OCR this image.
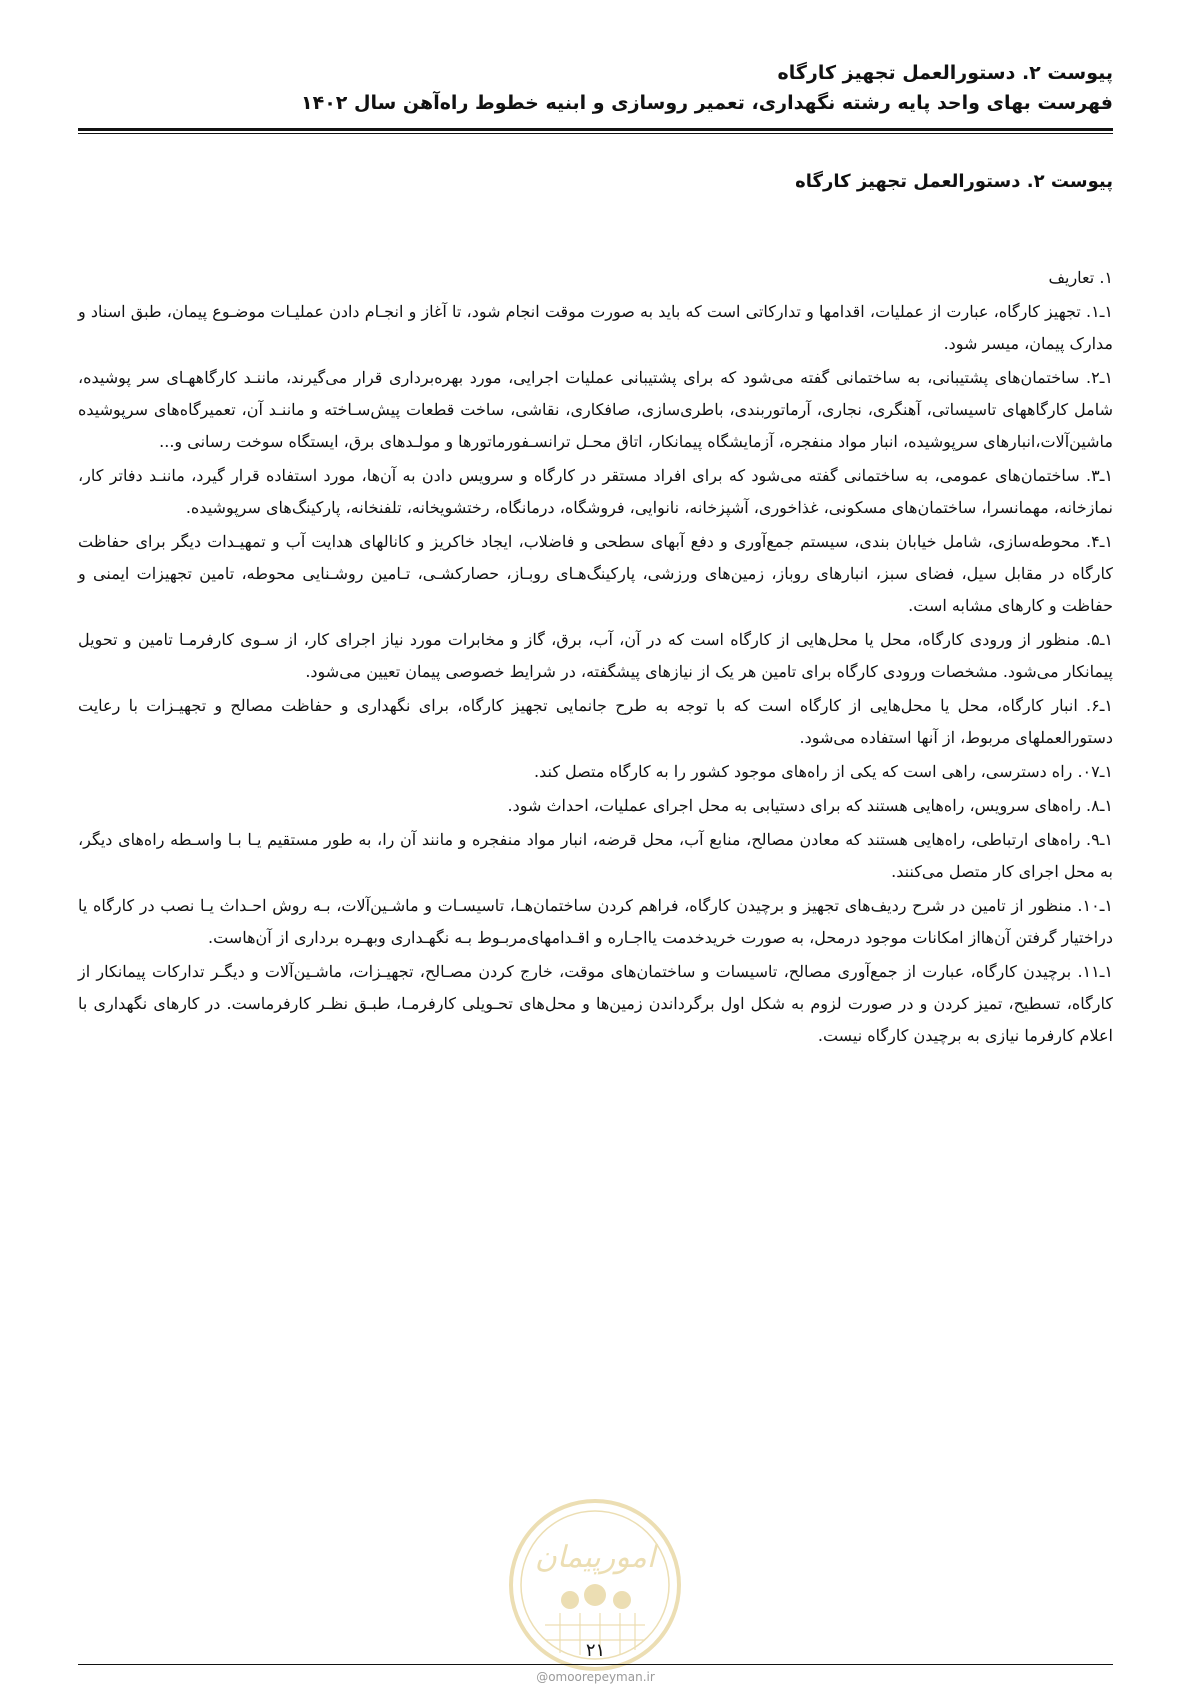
پیوست ۲. دستورالعمل تجهیز کارگاه
فهرست بهای واحد پایه رشته نگهداری، تعمیر روسازی و ابنیه خطوط راه‌آهن سال ۱۴۰۲
پیوست ۲. دستورالعمل تجهیز کارگاه

۱. تعاریف

۱ـ۱. تجهیز کارگاه، عبارت از عملیات، اقدامها و تدارکاتی است که باید به صورت موقت انجام شود، تا آغاز و انجـام دادن عملیـات موضـوع پیمان، طبق اسناد و مدارک پیمان، میسر شود.

۱ـ۲. ساختمان‌های پشتیبانی، به ساختمانی گفته می‌شود که برای پشتیبانی عملیات اجرایی، مورد بهره‌برداری قرار می‌گیرند، ماننـد کارگاههـای سر پوشیده، شامل کارگاههای تاسیساتی، آهنگری، نجاری، آرماتوربندی، باطری‌سازی، صافکاری، نقاشی، ساخت قطعات پیش‌سـاخته و ماننـد آن، تعمیرگاه‌های سرپوشیده ماشین‌آلات،انبارهای سرپوشیده، انبار مواد منفجره، آزمایشگاه پیمانکار، اتاق محـل ترانسـفورماتورها و مولـدهای برق، ایستگاه سوخت رسانی و...

۱ـ۳. ساختمان‌های عمومی، به ساختمانی گفته می‌شود که برای افراد مستقر در کارگاه و سرویس دادن به آن‌ها، مورد استفاده قرار گیرد، ماننـد دفاتر کار، نمازخانه، مهمانسرا، ساختمان‌های مسکونی، غذاخوری، آشپزخانه، نانوایی، فروشگاه، درمانگاه، رختشویخانه، تلفنخانه، پارکینگ‌های سرپوشیده.

۱ـ۴. محوطه‌سازی، شامل خیابان بندی، سیستم جمع‌آوری و دفع آبهای سطحی و فاضلاب، ایجاد خاکریز و کانالهای هدایت آب و تمهیـدات دیگر برای حفاظت کارگاه در مقابل سیل، فضای سبز، انبارهای روباز، زمین‌های ورزشی، پارکینگ‌هـای روبـاز، حصارکشـی، تـامین روشـنایی محوطه، تامین تجهیزات ایمنی و حفاظت و کارهای مشابه است.

۱ـ۵. منظور از ورودی کارگاه، محل یا محل‌هایی از کارگاه است که در آن، آب، برق، گاز و مخابرات مورد نیاز اجرای کار، از سـوی کارفرمـا تامین و تحویل پیمانکار می‌شود. مشخصات ورودی کارگاه برای تامین هر یک از نیازهای پیشگفته، در شرایط خصوصی پیمان تعیین می‌شود.

۱ـ۶. انبار کارگاه، محل یا محل‌هایی از کارگاه است که با توجه به طرح جانمایی تجهیز کارگاه، برای نگهداری و حفاظت مصالح و تجهیـزات با رعایت دستورالعملهای مربوط، از آنها استفاده می‌شود.

۱ـ۰۷. راه دسترسی، راهی است که یکی از راه‌های موجود کشور را به کارگاه متصل کند.

۱ـ۸. راه‌های سرویس، راه‌هایی هستند که برای دستیابی به محل اجرای عملیات، احداث شود.

۱ـ۹. راه‌های ارتباطی، راه‌هایی هستند که معادن مصالح، منابع آب، محل قرضه، انبار مواد منفجره و مانند آن را، به طور مستقیم یـا بـا واسـطه راه‌های دیگر، به محل اجرای کار متصل می‌کنند.

۱ـ۱۰. منظور از تامین در شرح ردیف‌های تجهیز و برچیدن کارگاه، فراهم کردن ساختمان‌هـا، تاسیسـات و ماشـین‌آلات، بـه روش احـداث یـا نصب در کارگاه یا دراختیار گرفتن آن‌هااز امکانات موجود درمحل، به صورت خریدخدمت یااجـاره و اقـدامهای‌مربـوط بـه نگهـداری وبهـره برداری از آن‌هاست.

۱ـ۱۱. برچیدن کارگاه، عبارت از جمع‌آوری مصالح، تاسیسات و ساختمان‌های موقت، خارج کردن مصـالح، تجهیـزات، ماشـین‌آلات و دیگـر تدارکات پیمانکار از کارگاه، تسطیح، تمیز کردن و در صورت لزوم به شکل اول برگرداندن زمین‌ها و محل‌های تحـویلی کارفرمـا، طبـق نظـر کارفرماست. در کارهای نگهداری با اعلام کارفرما نیازی به برچیدن کارگاه نیست.

امورپیمان
۲۱
@omoorepeyman.ir
